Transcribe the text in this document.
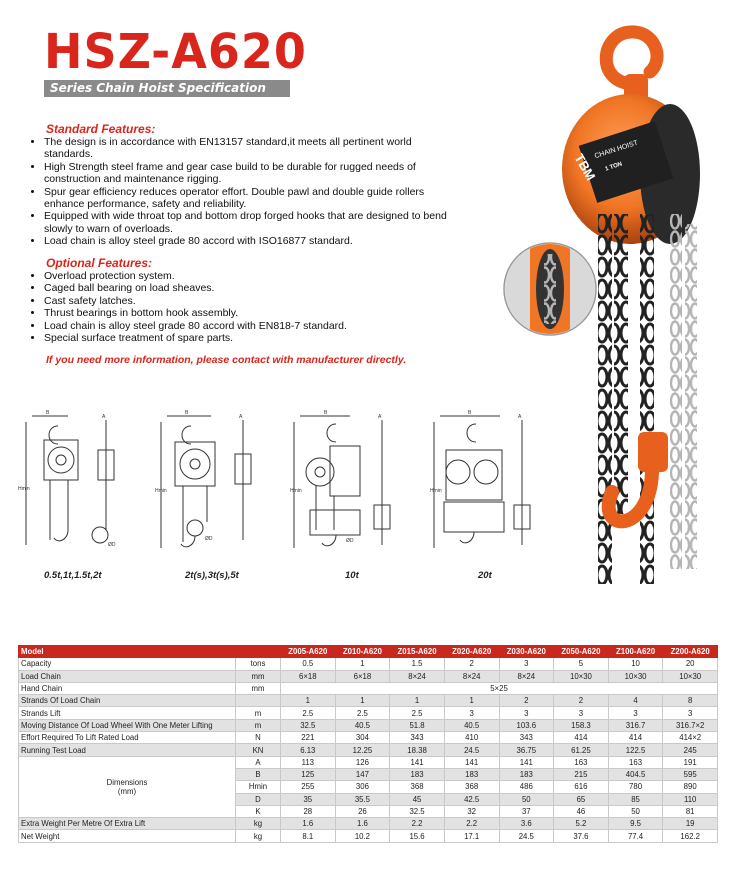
HSZ-A620
Series Chain Hoist Specification
Standard Features:
• The design is in accordance with EN13157 standard,it meets all pertinent world standards.
• High Strength steel frame and gear case build to be durable for rugged needs of construction and maintenance rigging.
• Spur gear efficiency reduces operator effort. Double pawl and double guide rollers enhance performance, safety and reliability.
• Equipped with wide throat top and bottom drop forged hooks that are designed to bend slowly to warn of overloads.
• Load chain is alloy steel grade 80 accord with ISO16877 standard.
Optional Features:
• Overload protection system.
• Caged ball bearing on load sheaves.
• Cast safety latches.
• Thrust bearings in bottom hook assembly.
• Load chain is alloy steel grade 80 accord with EN818-7 standard.
• Special surface treatment of spare parts.
If you need more information, please contact with manufacturer directly.
CHAIN HOIST
1 TON
TBM
B
A
Hmin
ØD
0.5t,1t,1.5t,2t
B
A
Hmin
ØD
2t(s),3t(s),5t
B
A
Hmin
ØD
10t
B
A
Hmin
20t
Model		Z005-A620	Z010-A620	Z015-A620	Z020-A620	Z030-A620	Z050-A620	Z100-A620	Z200-A620
Capacity	tons	0.5	1	1.5	2	3	5	10	20
Load Chain	mm	6×18	6×18	8×24	8×24	8×24	10×30	10×30	10×30
Hand Chain	mm	5×25							
Strands Of Load Chain		1	1	1	1	2	2	4	8
Strands Lift	m	2.5	2.5	2.5	3	3	3	3	3
Moving Distance Of Load Wheel With One Meter Lifting	m	32.5	40.5	51.8	40.5	103.6	158.3	316.7	316.7×2
Effort Required To Lift Rated Load	N	221	304	343	410	343	414	414	414×2
Running Test Load	KN	6.13	12.25	18.38	24.5	36.75	61.25	122.5	245

Dimensions
(mm)	A	113	126	141	141	141	163	163	191
	B	125	147	183	183	183	215	404.5	595
	Hmin	255	306	368	368	486	616	780	890
	D	35	35.5	45	42.5	50	65	85	110
	K	28	26	32.5	32	37	46	50	81
Extra Weight Per Metre Of Extra Lift	kg	1.6	1.6	2.2	2.2	3.6	5.2	9.5	19
Net Weight	kg	8.1	10.2	15.6	17.1	24.5	37.6	77.4	162.2
